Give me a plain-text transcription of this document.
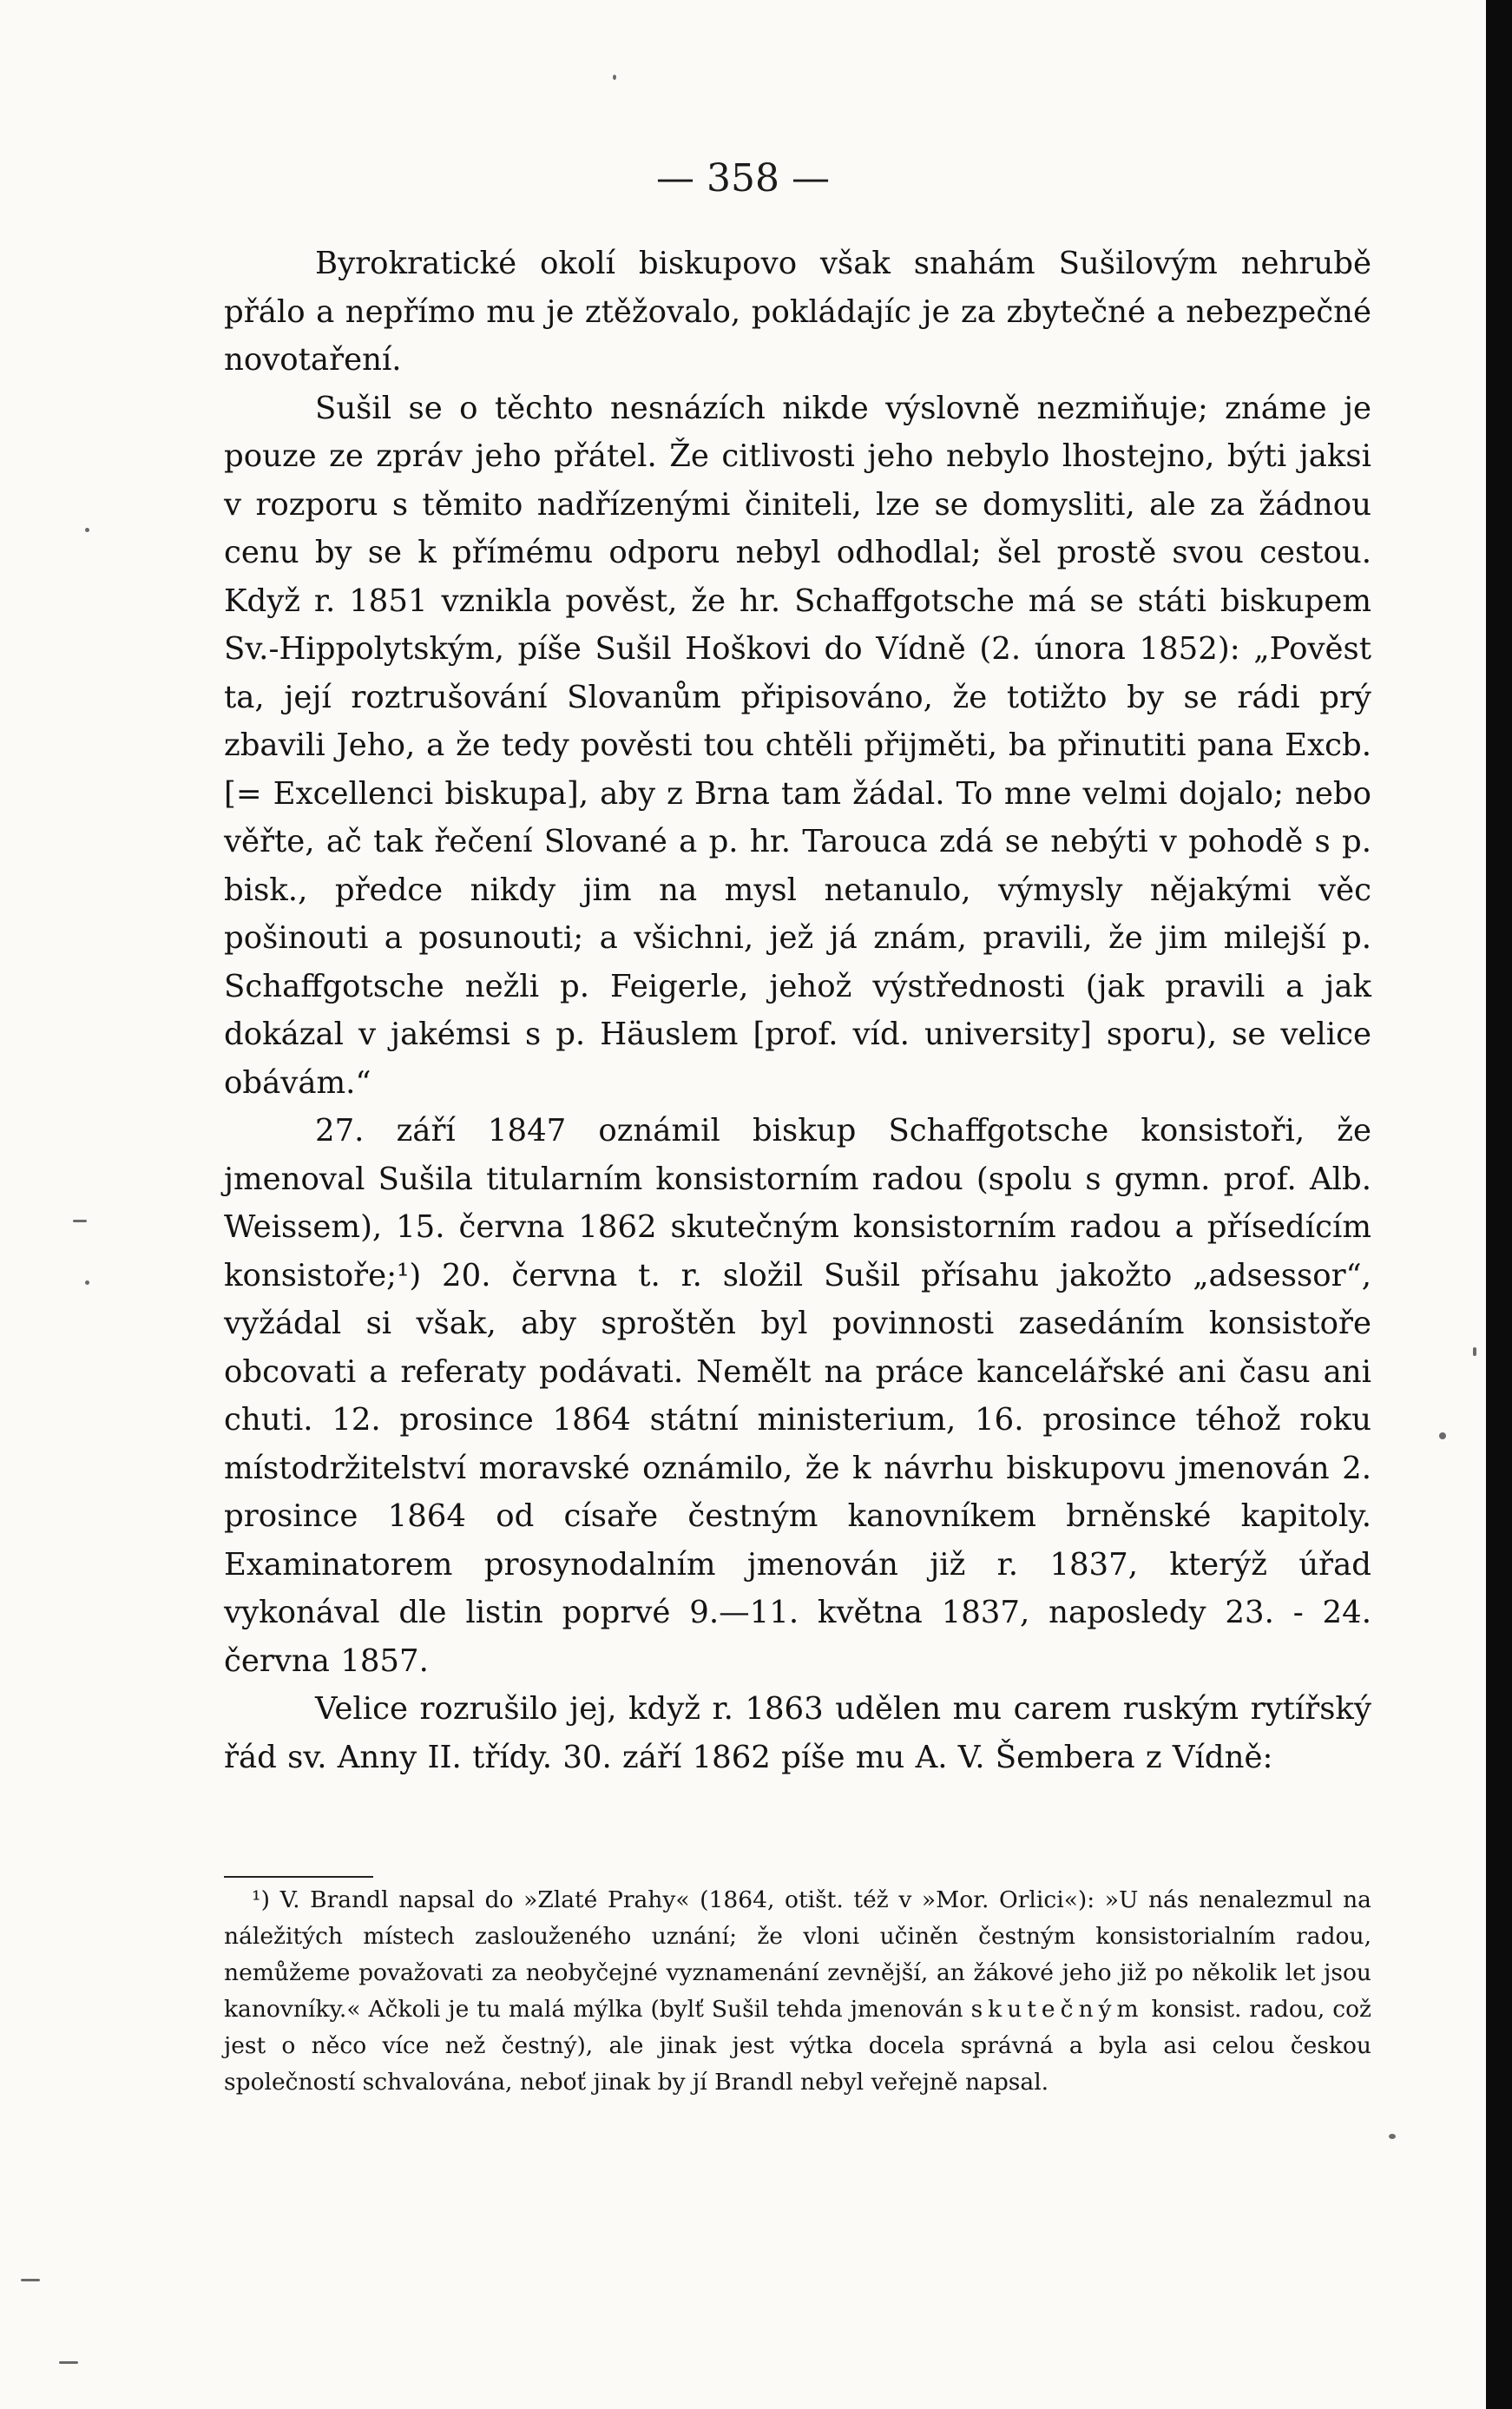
— 358 —

Byrokratické okolí biskupovo však snahám Sušilovým nehrubě přálo a nepřímo mu je ztěžovalo, pokládajíc je za zbytečné a nebezpečné novotaření.

Sušil se o těchto nesnázích nikde výslovně nezmiňuje; známe je pouze ze zpráv jeho přátel. Že citlivosti jeho nebylo lhostejno, býti jaksi v rozporu s těmito nadřízenými činiteli, lze se domysliti, ale za žádnou cenu by se k přímému odporu nebyl odhodlal; šel prostě svou cestou. Když r. 1851 vznikla pověst, že hr. Schaffgotsche má se státi biskupem Sv.-Hippolytským, píše Sušil Hoškovi do Vídně (2. února 1852): „Pověst ta, její roztrušování Slovanům připisováno, že totižto by se rádi prý zbavili Jeho, a že tedy pověsti tou chtěli přijměti, ba přinutiti pana Excb. [= Excellenci biskupa], aby z Brna tam žádal. To mne velmi dojalo; nebo věřte, ač tak řečení Slované a p. hr. Tarouca zdá se nebýti v pohodě s p. bisk., předce nikdy jim na mysl netanulo, výmysly nějakými věc pošinouti a posunouti; a všichni, jež já znám, pravili, že jim milejší p. Schaffgotsche nežli p. Feigerle, jehož výstřednosti (jak pravili a jak dokázal v jakémsi s p. Häuslem [prof. víd. university] sporu), se velice obávám.“

27. září 1847 oznámil biskup Schaffgotsche konsistoři, že jmenoval Sušila titularním konsistorním radou (spolu s gymn. prof. Alb. Weissem), 15. června 1862 skutečným konsistorním radou a přísedícím konsistoře;¹) 20. června t. r. složil Sušil přísahu jakožto „adsessor“, vyžádal si však, aby sproštěn byl povinnosti zasedáním konsistoře obcovati a referaty podávati. Nemělt na práce kancelářské ani času ani chuti. 12. prosince 1864 státní ministerium, 16. prosince téhož roku místodržitelství moravské oznámilo, že k návrhu biskupovu jmenován 2. prosince 1864 od císaře čestným kanovníkem brněnské kapitoly. Examinatorem prosynodalním jmenován již r. 1837, kterýž úřad vykonával dle listin poprvé 9.—11. května 1837, naposledy 23. - 24. června 1857.

Velice rozrušilo jej, když r. 1863 udělen mu carem ruským rytířský řád sv. Anny II. třídy. 30. září 1862 píše mu A. V. Šembera z Vídně:

¹) V. Brandl napsal do »Zlaté Prahy« (1864, otišt. též v »Mor. Orlici«): »U nás nenalezmul na náležitých místech zaslouženého uznání; že vloni učiněn čestným konsistorialním radou, nemůžeme považovati za neobyčejné vyznamenání zevnější, an žákové jeho již po několik let jsou kanovníky.« Ačkoli je tu malá mýlka (bylť Sušil tehda jmenován skutečným konsist. radou, což jest o něco více než čestný), ale jinak jest výtka docela správná a byla asi celou českou společností schvalována, neboť jinak by jí Brandl nebyl veřejně napsal.
